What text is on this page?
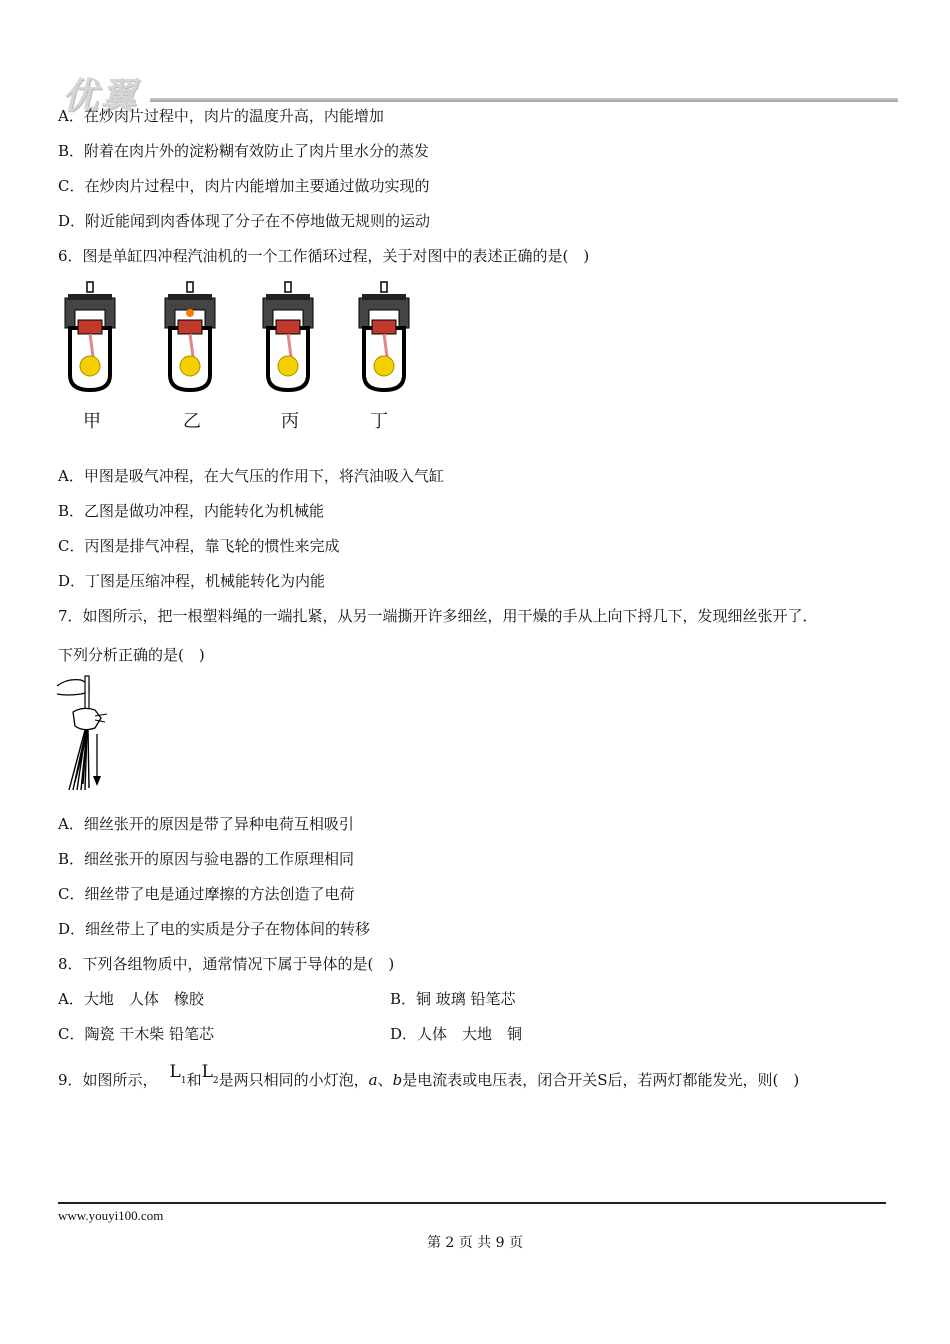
优翼
A．在炒肉片过程中，肉片的温度升高，内能增加
B．附着在肉片外的淀粉糊有效防止了肉片里水分的蒸发
C．在炒肉片过程中，肉片内能增加主要通过做功实现的
D．附近能闻到肉香体现了分子在不停地做无规则的运动
6．图是单缸四冲程汽油机的一个工作循环过程，关于对图中的表述正确的是(　)
甲	乙	丙	丁
A．甲图是吸气冲程，在大气压的作用下，将汽油吸入气缸
B．乙图是做功冲程，内能转化为机械能
C．丙图是排气冲程，靠飞轮的惯性来完成
D．丁图是压缩冲程，机械能转化为内能
7．如图所示，把一根塑料绳的一端扎紧，从另一端撕开许多细丝，用干燥的手从上向下捋几下，发现细丝张开了．
下列分析正确的是(　)
A．细丝张开的原因是带了异种电荷互相吸引
B．细丝张开的原因与验电器的工作原理相同
C．细丝带了电是通过摩擦的方法创造了电荷
D．细丝带上了电的实质是分子在物体间的转移
8．下列各组物质中，通常情况下属于导体的是(　)
A．大地　人体　橡胶	B．铜 玻璃 铅笔芯
C．陶瓷 干木柴 铅笔芯	D．人体　大地　铜
9．如图所示， $L_1$和$L_2$是两只相同的小灯泡，a、b是电流表或电压表，闭合开关S后，若两灯都能发光，则(　)
www.youyi100.com
第 2 页 共 9 页
